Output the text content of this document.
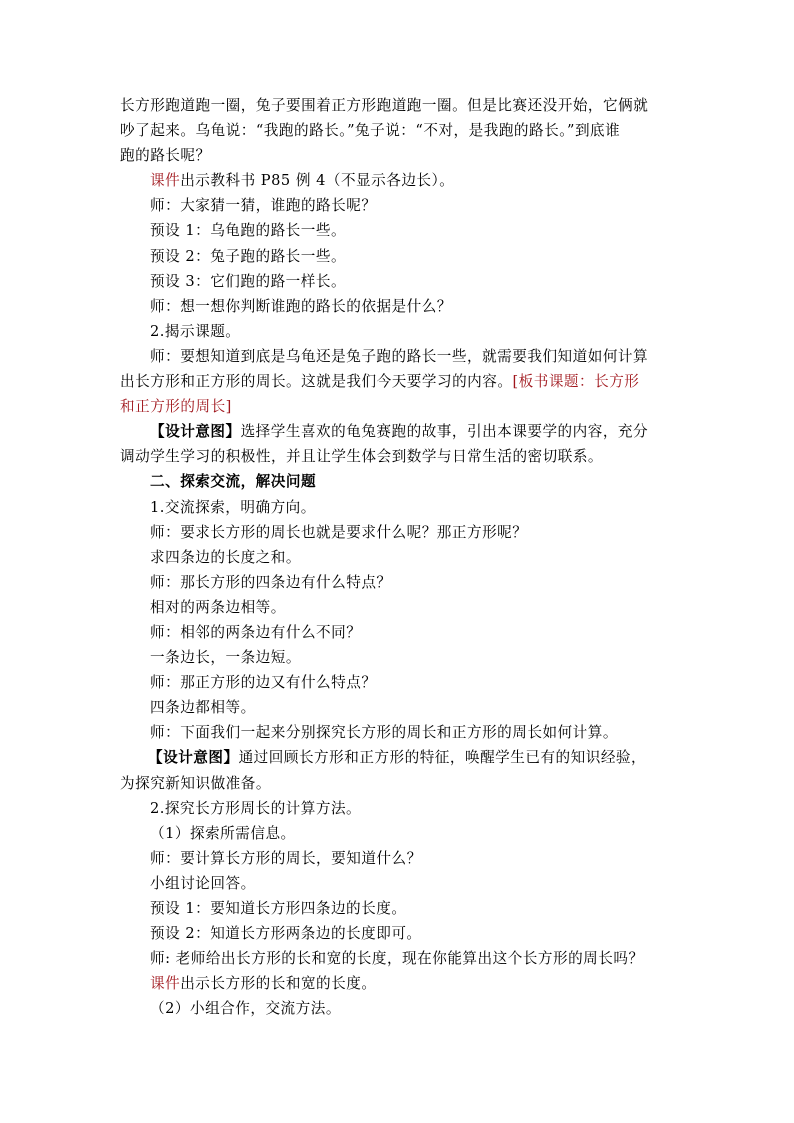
长方形跑道跑一圈，兔子要围着正方形跑道跑一圈。但是比赛还没开始，它俩就
吵了起来。乌龟说：“我跑的路长。”兔子说：“不对，是我跑的路长。”到底谁
跑的路长呢？
课件出示教科书 P85 例 4（不显示各边长）。
师：大家猜一猜，谁跑的路长呢？
预设 1：乌龟跑的路长一些。
预设 2：兔子跑的路长一些。
预设 3：它们跑的路一样长。
师：想一想你判断谁跑的路长的依据是什么？
2.揭示课题。
师：要想知道到底是乌龟还是兔子跑的路长一些，就需要我们知道如何计算
出长方形和正方形的周长。这就是我们今天要学习的内容。[板书课题：长方形
和正方形的周长]
【设计意图】选择学生喜欢的龟兔赛跑的故事，引出本课要学的内容，充分
调动学生学习的积极性，并且让学生体会到数学与日常生活的密切联系。
二、探索交流，解决问题
1.交流探索，明确方向。
师：要求长方形的周长也就是要求什么呢？那正方形呢？
求四条边的长度之和。
师：那长方形的四条边有什么特点？
相对的两条边相等。
师：相邻的两条边有什么不同？
一条边长，一条边短。
师：那正方形的边又有什么特点？
四条边都相等。
师：下面我们一起来分别探究长方形的周长和正方形的周长如何计算。
【设计意图】通过回顾长方形和正方形的特征，唤醒学生已有的知识经验，
为探究新知识做准备。
2.探究长方形周长的计算方法。
（1）探索所需信息。
师：要计算长方形的周长，要知道什么？
小组讨论回答。
预设 1：要知道长方形四条边的长度。
预设 2：知道长方形两条边的长度即可。
师: 老师给出长方形的长和宽的长度，现在你能算出这个长方形的周长吗？
课件出示长方形的长和宽的长度。
（2）小组合作，交流方法。
